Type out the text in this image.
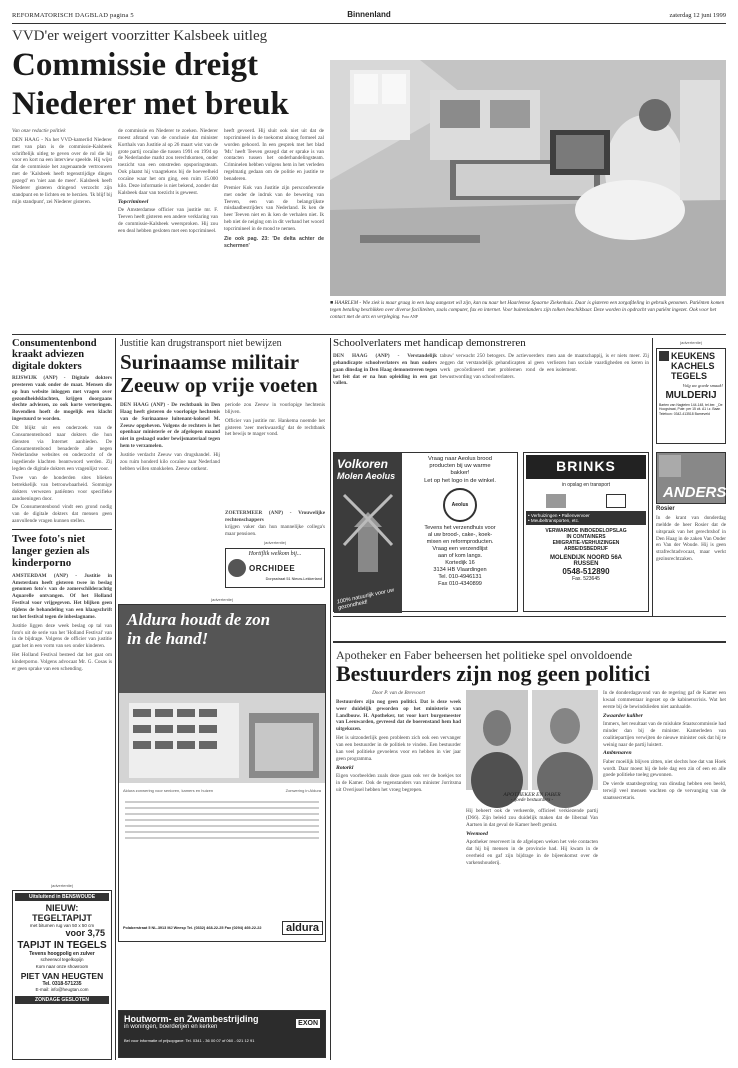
REFORMATORISCH DAGBLAD pagina 5	Binnenland	zaterdag 12 juni 1999
VVD'er weigert voorzitter Kalsbeek uitleg
Commissie dreigt
Niederer met breuk
Van onze redactie politiek

DEN HAAG - Na het VVD-kamerlid Niederer met van plan is de commissie-Kalsbeek schriftelijk uitleg te geven over de rol die hij voor en kort na een interview speelde. Hij wijst dat de commissie het zogenaamde vertrouwen met de 'Kalsbeek heeft tegenstrijdige dingen gezegd' en 'niet aan de meer'. Kalsbeek heeft Niederer gisteren dringend verzocht zijn standpunt en te lichten en te herzien. 'Ik blijf bij mijn standpunt', zei Niederer gisteren.

de commissie en Niederer te zoeken. Niederer moest afstand van de conclusie dat minister Korthals van Justitie al op 26 maart wist van de grote partij cocaïne die tussen 1991 en 1994 op de Nederlandse markt zou terechtkomen, onder toezicht van een omstreden opsporingsteam. Ook plaatst hij vraagtekens bij de hoeveelheid cocaïne waar het om ging, een ruim 15.000 kilo. Deze informatie is niet bekend, zonder dat Kalsbeek daar van toezicht is geweest.

Topcrimineel

De Amsterdamse officier van justitie mr. F. Teeven heeft gisteren een andere verklaring van de commissie-Kalsbeek weersproken. Hij zou een deal hebben gesloten met een topcrimineel.

heeft gevoerd. Hij sluit ook niet uit dat de topcrimineel in de toekomst alsnog formeel zal worden gehoord. In een gesprek met het blad 'Mr.' heeft Teeven gezegd dat er sprake is van contacten tussen het onderhandelingsteam. Criminelen hebben volgens hem in het verleden regelmatig gedaan om de politie en justitie te benaderen.

Premier Kok van Justitie zijn persconferentie met onder de indruk van de bewering van Teeven, een van de belangrijkste misdaadbestrijders van Nederland. Ik ken de heer Teeven niet en ik ken de verhalen niet. Ik heb niet de neiging om in dit verband het woord topcrimineel in de mond te nemen.

Zie ook pag. 23: 'De delta achter de schermen'

■ HAARLEM - Wie ziek is maar graag in een laag aangezet wil zijn, kan nu naar het Haarlemse Spaarne Ziekenhuis. Daar is gisteren een zorgafdeling in gebruik genomen. Patiënten komen tegen betaling beschikken over diverse faciliteiten, zoals computer, fax en internet. Voor buitenlanders zijn tolken beschikbaar. Deze worden in opdracht van patiënt ingezet. Ook voor het contact met de arts en verpleging. Foto ANP
Consumentenbond kraakt adviezen digitale dokters

RIJSWIJK (ANP) - Digitale dokters presteren vaak onder de maat. Mensen die op hun website inloggen met vragen over gezondheidsklachten, krijgen doorgaans slechte adviezen, zo ook korte verteringen. Bovendien hoeft de mogelijk een klacht ingestuurd te worden.

Dit blijkt uit een onderzoek van de Consumentenbond naar dokters die hun diensten via Internet aanbieden. De Consumentenbond benaderde alle negen Nederlandse websites en onderzocht of de ingediende klachten beantwoord werden. Zij legden de digitale dokters een vragenlijst voor.

Twee van de honderden sites blieken betrekkelijk van betrouwbaarheid. Sommige dokters verwezen patiënten voor specifieke aandoeningen door.

De Consumentenbond vindt een grond nodig van de digitale dokters dat mensen geen aanvullende vragen kunnen stellen.

Twee foto's niet langer gezien als kinderporno

AMSTERDAM (ANP) - Justitie in Amsterdam heeft gisteren twee in beslag genomen foto's van de zomerschilderachtig Aquarelle ontvangen. Of het Holland Festival voor vrijgegeven. Het blijken geen tijdens de behandeling van een klaagschrift tot het festival tegen de inbeslagname.

Justitie liggen deze week beslag op tal van foto's uit de serie van het 'Holland Festival' van in de bijdrage. Volgens de officier van justitie gaat het in een vorm van sex onder kinderen.

Het Holland Festival besteed dat het gaat om kinderporno. Volgens advocaat Mr. G. Cosas is er geen sprake van een schending.

(advertentie)
Uitsluitend in BENSWOUDE
NIEUW: TEGELTAPIJT
met bitumen rug van 50 x 50 cm
voor 3,75
TAPIJT IN TEGELS
Tevens hoogpolig en zulver
scheerwol tegelkopijn
Kom naar onze showroom
PIET VAN HEUGTEN
Tel. 0318-571235
E-mail: info@heugtan.com
ZONDAGE GESLOTEN
Justitie kan drugstransport niet bewijzen
Surinaamse militair
Zeeuw op vrije voeten

DEN HAAG (ANP) - De rechtbank in Den Haag heeft gisteren de voorlopige hechtenis van de Surinaamse luitenant-kolonel M. Zeeuw opgeheven. Volgens de rechters is het openbaar ministerie er de afgelopen maand niet in geslaagd ouder bewijsmateriaal tegen hem te verzamelen.

Justitie verdacht Zeeuw van drugshandel. Hij zou ruim honderd kilo cocaïne naar Nederland hebben willen smokkelen. Zeeuw ontkent.

periode zou Zeeuw in voorlopige hechtenis blijven.

Officier van justitie mr. Hankema noemde het gisteren 'zeer merkwaardig' dat de rechtbank het bewijs te mager vond.

ZOETERMEER (ANP) - Vrouwelijke rechtenschappers

krijgen vaker dan hun mannelijke collega's maar pensioen.

(advertentie)
Hortiflik welkom bij...
ORCHIDEE
Dorpsstraat 51 Nieuw-Lekkerland
(advertentie)
Aldura houdt de zon
in de hand!
Aldura zonwering voor senioren, kamers en huizen	Zonwering in Aldura
Polaberstraat 5 NL-3913 MJ Weesp Tel. (0332) 468-22-25 Fax (0294) 469-22-22	aldura
Houtworm- en Zwambestrijding
in woningen, boerderijen en kerken
Bel voor informatie of prijsopgave: Tel. 0341 - 36 00 07 of 060 - 021 12 91
EXON
Schoolverlaters met handicap demonstreren

DEN HAAG (ANP) - Verstandelijk gehandicapte schoolverlaters en hun ouders gaan dinsdag in Den Haag demonstreren tegen het feit dat er na hun opleiding in een gat vallen.

tabuw' verwacht 250 betogers. De actievoerders zeggen dat verstandelijk gehandicapten al geen werk gecoördineerd met problemen rond de bewustwording van schoolverlaters.

men aan de maatschappij, is er niets meer. Zij verliezen hun sociale vaardigheden en keren in een isolement.

Volkoren
Molen Aeolus
100% natuurlijk voor uw gezondheid!
Vraag naar Aeolus brood
producten bij uw warme
bakker!
Let op het logo in de winkel.
Aeolus
Tevens het verzendhuis voor
al uw brood-, cake-, koek-
mixen en reformproducten.
Vraag een verzendlijst
aan of kom langs.
Kortedijk 16
3134 HB Vlaardingen
Tel. 010-4946131
Fax 010-4340899
BRINKS
in opslag en transport
• Verhuizingen • Pallenvervoer
• Meubeltransporten, etc.
VERWARMDE INBOEDELOPSLAG
IN CONTAINERS
EMIGRATIE-VERHUIZINGEN
ARBEIDSBEDRIJF
MOLENDIJK NOORD 56A
RUSSEN
0548-512890
Fax. 523645
(advertentie)
KEUKENS
KACHELS
TEGELS
Volg uw goede smaak!
MULDERIJ
Barten van Nagtelen 144-148, tel.ber. _De Hoogstraat, Pute: per 15 cit. A1 i.z. Baan Telefoon: 0342-413518 Barneveld
ANDERS
Rosier

In de krant van donderdag meldde de heer Rosier dat de uitspraak van het gerechtshof in Den Haag in de zaken Van Onder en Van der Woude. Hij is geen strafrechtadvocaat, maar werkt gezinsrechtzaken.

Apotheker en Faber beheersen het politieke spel onvoldoende
Bestuurders zijn nog geen politici

Door P. van de Brevvoort

Bestuurders zijn nog geen politici. Dat is deze week weer duidelijk geworden op het ministerie van Landbouw. H. Apotheker, tot voor kort burgemeester van Leeuwarden, gevreesd dat de boerenstand hem had uitgekozen.

Het is uitzonderlijk geen probleem zich ook een vervanger van een bestuurder in de politiek te vinden. Een bestuurder kan veel politieke gevoelens voor en hebben in vier jaar geen programma.

Rotorkl

Eigen voorbeelden zoals deze gaan ook ver de boekjes tot in de Kamer. Ook de tegenstanders van minister Jorritsma uit Overijssel hebben het vroeg begrepen.

APOTHEKER EN FABER
- goede bestuurders -

Hij beheert ook de verkeerde, officieel verkiezende partij (D66). Zijn beleid zou duidelijk maken dat de liberaal Van Aartsen in dat geval de Kamer heeft gemist.

Weemoed

Apotheker reserveert in de afgelopen weken het vele contacten dat hij bij mensen in de provincie had. Hij kwam in de overheid en gaf zijn bijdrage in de bijeenkomst over de varkenshouderij.

In de donderdagavond van de regering gaf de Kamer een kwaal commentaar ingezet op de kabinetscrisis. Wat het eerste bij de bewindslieden niet aanhaalde.

Zwaarder kaliber

Immers, het resultaat van de mislukte Staatscommissie had minder dan bij de minister. Kamerleden van coalitiepartijen verwijten de nieuwe minister ook dat hij te weinig naar de partij luistert.

Ambtenaren

Faber moeilijk blijven zitten, niet slechts hoe dat van Hoek wordt. Daar moest hij de hele dag een zin of een en alle goede politieke toeleg gewonnen.

De vierde staatsbegroting van dinsdag hebben een beeld, terwijl veel mensen wachten op de vervanging van de staatssecretaris.
